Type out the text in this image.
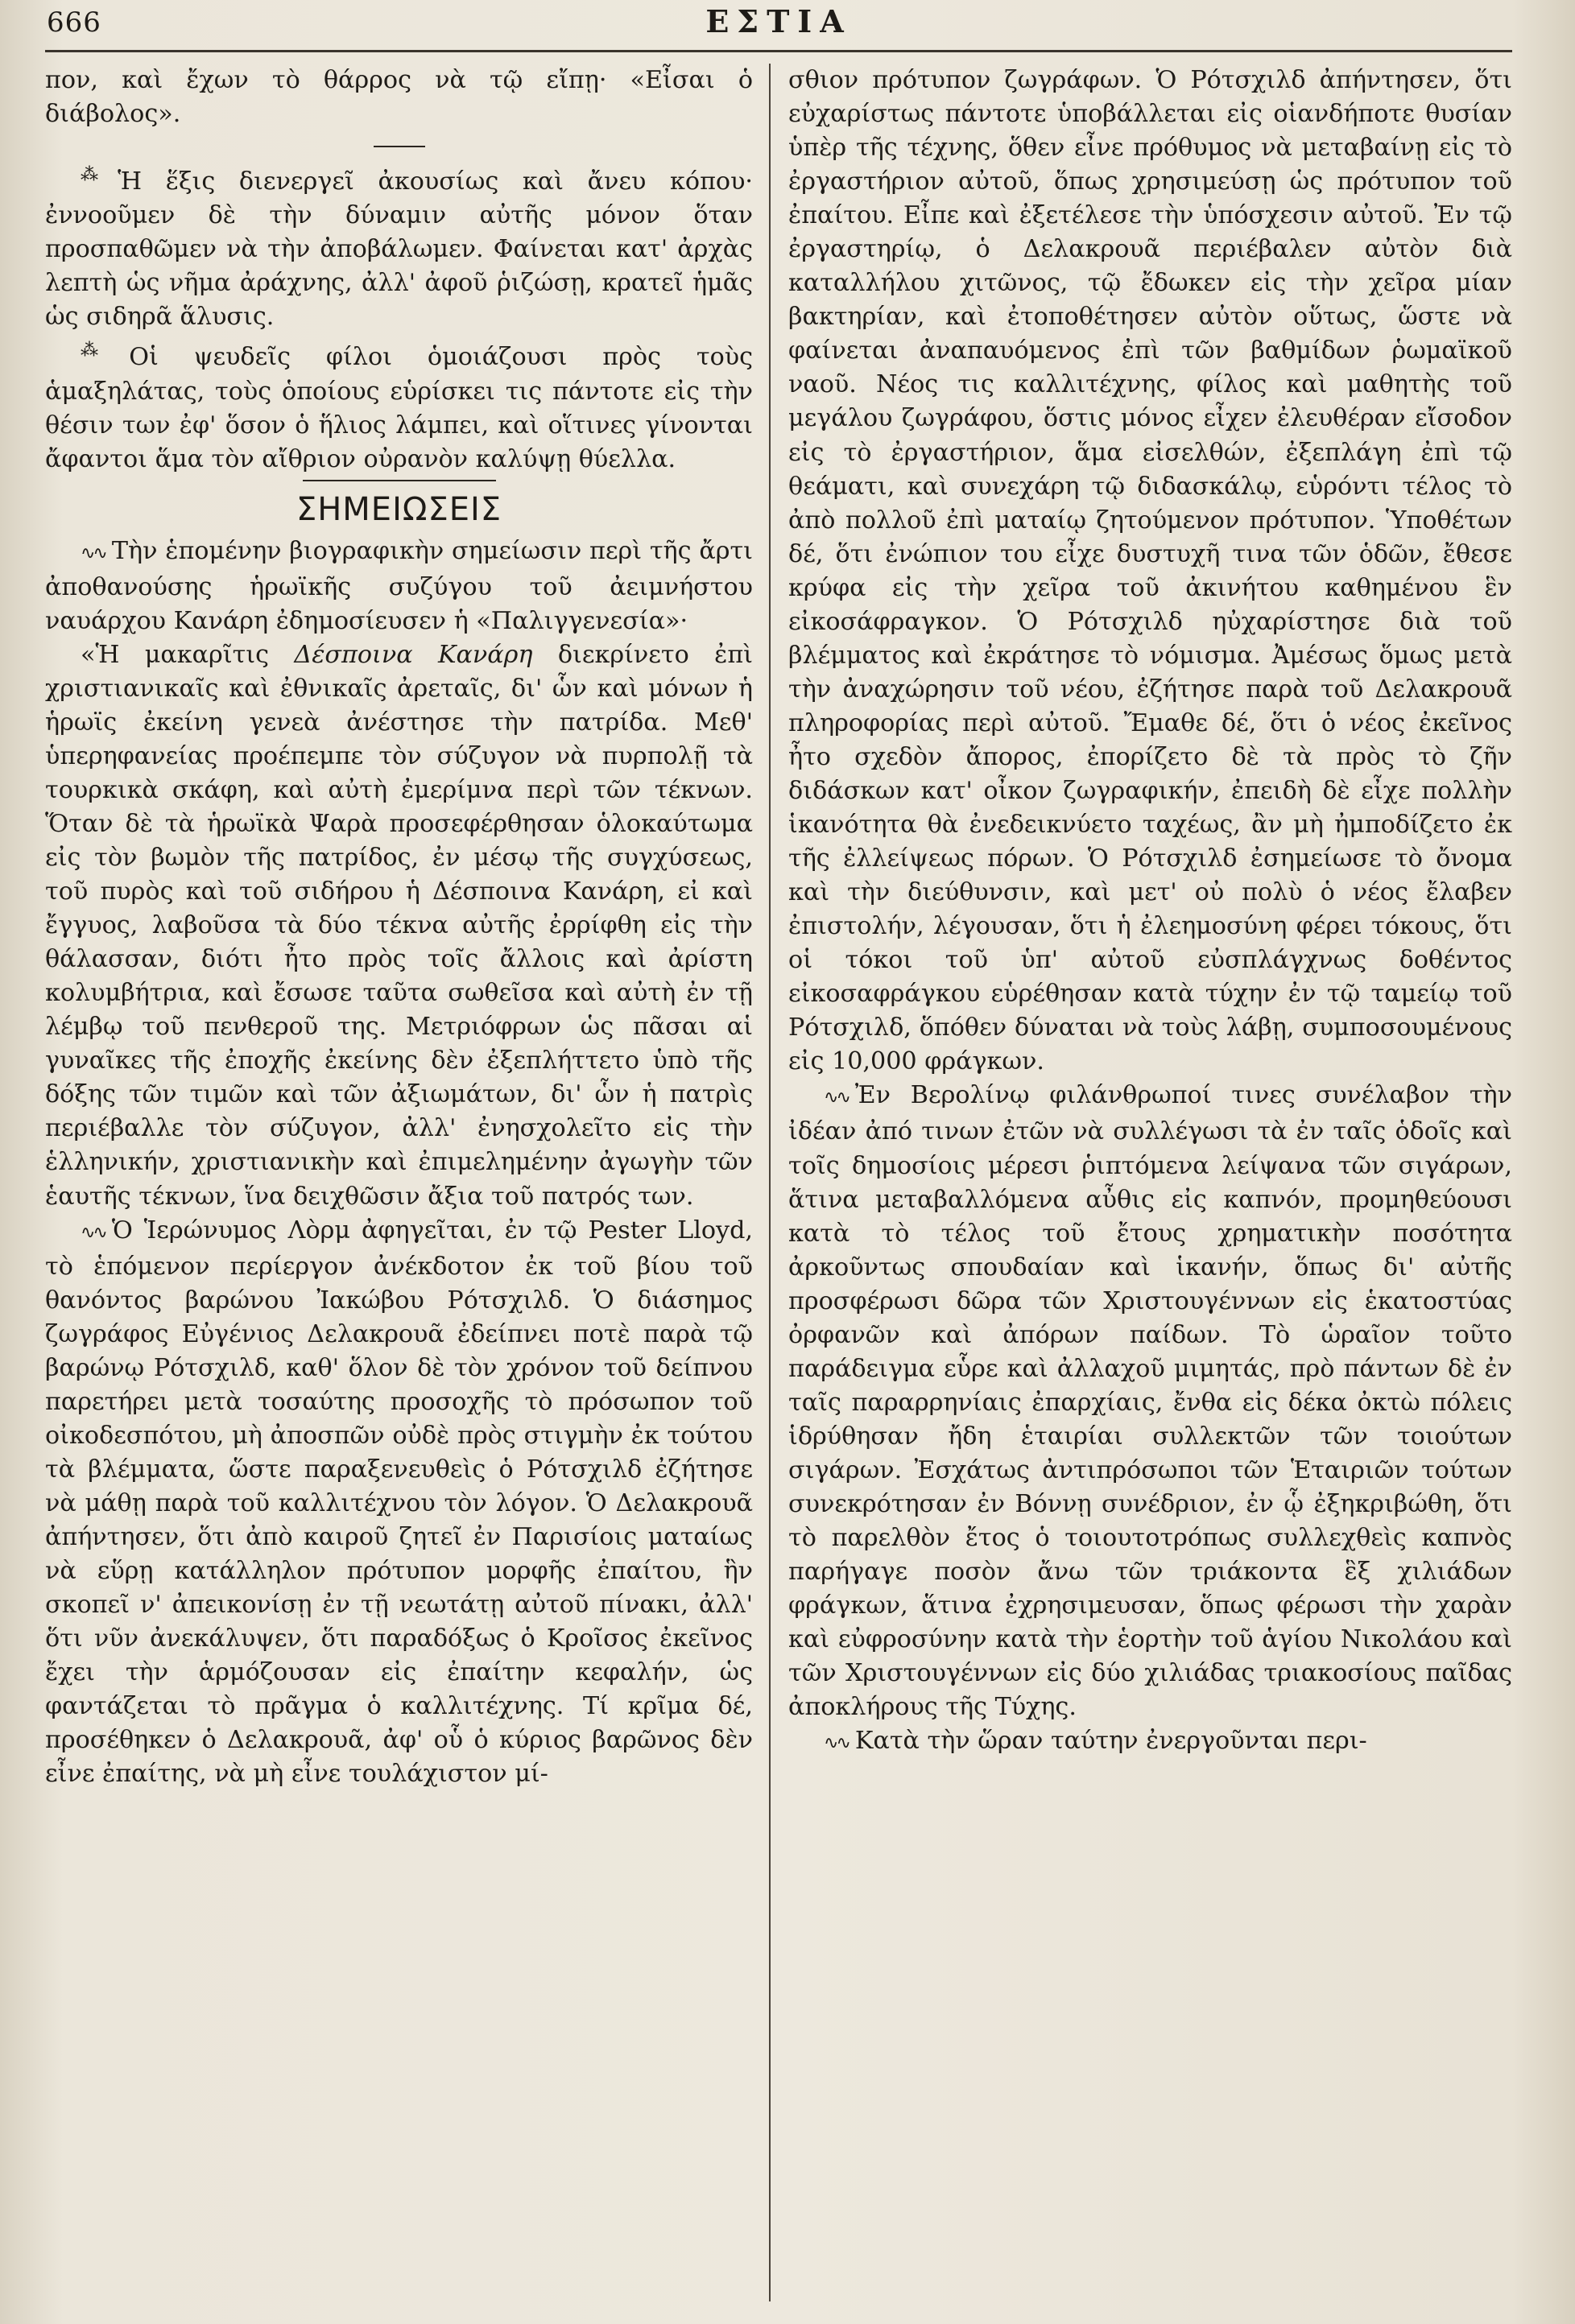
666	ΕΣΤΙΑ

πον, καὶ ἔχων τὸ θάρρος νὰ τῷ εἴπῃ· «Εἶσαι ὁ διάβολος».

⁂ Ἡ ἕξις διενεργεῖ ἀκουσίως καὶ ἄνευ κόπου· ἐννοοῦμεν δὲ τὴν δύναμιν αὐτῆς μόνον ὅταν προσπαθῶμεν νὰ τὴν ἀποβάλωμεν. Φαίνεται κατ' ἀρχὰς λεπτὴ ὡς νῆμα ἀράχνης, ἀλλ' ἀφοῦ ῥιζώσῃ, κρατεῖ ἡμᾶς ὡς σιδηρᾶ ἅλυσις.

⁂ Οἱ ψευδεῖς φίλοι ὁμοιάζουσι πρὸς τοὺς ἁμαξηλάτας, τοὺς ὁποίους εὑρίσκει τις πάντοτε εἰς τὴν θέσιν των ἐφ' ὅσον ὁ ἥλιος λάμπει, καὶ οἵτινες γίνονται ἄφαντοι ἅμα τὸν αἴθριον οὐρανὸν καλύψῃ θύελλα.

ΣΗΜΕΙΩΣΕΙΣ

∿∿ Τὴν ἑπομένην βιογραφικὴν σημείωσιν περὶ τῆς ἄρτι ἀποθανούσης ἡρωϊκῆς συζύγου τοῦ ἀειμνήστου ναυάρχου Κανάρη ἐδημοσίευσεν ἡ «Παλιγγενεσία»·

«Ἡ μακαρῖτις Δέσποινα Κανάρη διεκρίνετο ἐπὶ χριστιανικαῖς καὶ ἐθνικαῖς ἀρεταῖς, δι' ὧν καὶ μόνων ἡ ἡρωϊς ἐκείνη γενεὰ ἀνέστησε τὴν πατρίδα. Μεθ' ὑπερηφανείας προέπεμπε τὸν σύζυγον νὰ πυρπολῇ τὰ τουρκικὰ σκάφη, καὶ αὐτὴ ἐμερίμνα περὶ τῶν τέκνων. Ὅταν δὲ τὰ ἡρωϊκὰ Ψαρὰ προσεφέρθησαν ὁλοκαύτωμα εἰς τὸν βωμὸν τῆς πατρίδος, ἐν μέσῳ τῆς συγχύσεως, τοῦ πυρὸς καὶ τοῦ σιδήρου ἡ Δέσποινα Κανάρη, εἰ καὶ ἔγγυος, λαβοῦσα τὰ δύο τέκνα αὐτῆς ἐρρίφθη εἰς τὴν θάλασσαν, διότι ἦτο πρὸς τοῖς ἄλλοις καὶ ἀρίστη κολυμβήτρια, καὶ ἔσωσε ταῦτα σωθεῖσα καὶ αὐτὴ ἐν τῇ λέμβῳ τοῦ πενθεροῦ της. Μετριόφρων ὡς πᾶσαι αἱ γυναῖκες τῆς ἐποχῆς ἐκείνης δὲν ἐξεπλήττετο ὑπὸ τῆς δόξης τῶν τιμῶν καὶ τῶν ἀξιωμάτων, δι' ὧν ἡ πατρὶς περιέβαλλε τὸν σύζυγον, ἀλλ' ἐνησχολεῖτο εἰς τὴν ἑλληνικήν, χριστιανικὴν καὶ ἐπιμελημένην ἀγωγὴν τῶν ἑαυτῆς τέκνων, ἵνα δειχθῶσιν ἄξια τοῦ πατρός των.

∿∿ Ὁ Ἱερώνυμος Λὸρμ ἀφηγεῖται, ἐν τῷ Pester Lloyd, τὸ ἑπόμενον περίεργον ἀνέκδοτον ἐκ τοῦ βίου τοῦ θανόντος βαρώνου Ἰακώβου Ρότσχιλδ. Ὁ διάσημος ζωγράφος Εὐγένιος Δελακρουᾶ ἐδείπνει ποτὲ παρὰ τῷ βαρώνῳ Ρότσχιλδ, καθ' ὅλον δὲ τὸν χρόνον τοῦ δείπνου παρετήρει μετὰ τοσαύτης προσοχῆς τὸ πρόσωπον τοῦ οἰκοδεσπότου, μὴ ἀποσπῶν οὐδὲ πρὸς στιγμὴν ἐκ τούτου τὰ βλέμματα, ὥστε παραξενευθεὶς ὁ Ρότσχιλδ ἐζήτησε νὰ μάθῃ παρὰ τοῦ καλλιτέχνου τὸν λόγον. Ὁ Δελακρουᾶ ἀπήντησεν, ὅτι ἀπὸ καιροῦ ζητεῖ ἐν Παρισίοις ματαίως νὰ εὕρῃ κατάλληλον πρότυπον μορφῆς ἐπαίτου, ἣν σκοπεῖ ν' ἀπεικονίσῃ ἐν τῇ νεωτάτῃ αὐτοῦ πίνακι, ἀλλ' ὅτι νῦν ἀνεκάλυψεν, ὅτι παραδόξως ὁ Κροῖσος ἐκεῖνος ἔχει τὴν ἁρμόζουσαν εἰς ἐπαίτην κεφαλήν, ὡς φαντάζεται τὸ πρᾶγμα ὁ καλλιτέχνης. Τί κρῖμα δέ, προσέθηκεν ὁ Δελακρουᾶ, ἀφ' οὗ ὁ κύριος βαρῶνος δὲν εἶνε ἐπαίτης, νὰ μὴ εἶνε τουλάχιστον μί-

σθιον πρότυπον ζωγράφων. Ὁ Ρότσχιλδ ἀπήντησεν, ὅτι εὐχαρίστως πάντοτε ὑποβάλλεται εἰς οἱανδήποτε θυσίαν ὑπὲρ τῆς τέχνης, ὅθεν εἶνε πρόθυμος νὰ μεταβαίνῃ εἰς τὸ ἐργαστήριον αὐτοῦ, ὅπως χρησιμεύσῃ ὡς πρότυπον τοῦ ἐπαίτου. Εἶπε καὶ ἐξετέλεσε τὴν ὑπόσχεσιν αὐτοῦ. Ἐν τῷ ἐργαστηρίῳ, ὁ Δελακρουᾶ περιέβαλεν αὐτὸν διὰ καταλλήλου χιτῶνος, τῷ ἔδωκεν εἰς τὴν χεῖρα μίαν βακτηρίαν, καὶ ἐτοποθέτησεν αὐτὸν οὕτως, ὥστε νὰ φαίνεται ἀναπαυόμενος ἐπὶ τῶν βαθμίδων ῥωμαϊκοῦ ναοῦ. Νέος τις καλλιτέχνης, φίλος καὶ μαθητὴς τοῦ μεγάλου ζωγράφου, ὅστις μόνος εἶχεν ἐλευθέραν εἴσοδον εἰς τὸ ἐργαστήριον, ἅμα εἰσελθών, ἐξεπλάγη ἐπὶ τῷ θεάματι, καὶ συνεχάρη τῷ διδασκάλῳ, εὑρόντι τέλος τὸ ἀπὸ πολλοῦ ἐπὶ ματαίῳ ζητούμενον πρότυπον. Ὑποθέτων δέ, ὅτι ἐνώπιον του εἶχε δυστυχῆ τινα τῶν ὁδῶν, ἔθεσε κρύφα εἰς τὴν χεῖρα τοῦ ἀκινήτου καθημένου ἓν εἰκοσάφραγκον. Ὁ Ρότσχιλδ ηὐχαρίστησε διὰ τοῦ βλέμματος καὶ ἐκράτησε τὸ νόμισμα. Ἀμέσως ὅμως μετὰ τὴν ἀναχώρησιν τοῦ νέου, ἐζήτησε παρὰ τοῦ Δελακρουᾶ πληροφορίας περὶ αὐτοῦ. Ἔμαθε δέ, ὅτι ὁ νέος ἐκεῖνος ἦτο σχεδὸν ἄπορος, ἐπορίζετο δὲ τὰ πρὸς τὸ ζῆν διδάσκων κατ' οἶκον ζωγραφικήν, ἐπειδὴ δὲ εἶχε πολλὴν ἱκανότητα θὰ ἐνεδεικνύετο ταχέως, ἂν μὴ ἠμποδίζετο ἐκ τῆς ἐλλείψεως πόρων. Ὁ Ρότσχιλδ ἐσημείωσε τὸ ὄνομα καὶ τὴν διεύθυνσιν, καὶ μετ' οὐ πολὺ ὁ νέος ἔλαβεν ἐπιστολήν, λέγουσαν, ὅτι ἡ ἐλεημοσύνη φέρει τόκους, ὅτι οἱ τόκοι τοῦ ὑπ' αὐτοῦ εὐσπλάγχνως δοθέντος εἰκοσαφράγκου εὑρέθησαν κατὰ τύχην ἐν τῷ ταμείῳ τοῦ Ρότσχιλδ, ὅπόθεν δύναται νὰ τοὺς λάβῃ, συμποσουμένους εἰς 10,000 φράγκων.

∿∿ Ἐν Βερολίνῳ φιλάνθρωποί τινες συνέλαβον τὴν ἰδέαν ἀπό τινων ἐτῶν νὰ συλλέγωσι τὰ ἐν ταῖς ὁδοῖς καὶ τοῖς δημοσίοις μέρεσι ῥιπτόμενα λείψανα τῶν σιγάρων, ἅτινα μεταβαλλόμενα αὖθις εἰς καπνόν, προμηθεύουσι κατὰ τὸ τέλος τοῦ ἔτους χρηματικὴν ποσότητα ἀρκοῦντως σπουδαίαν καὶ ἱκανήν, ὅπως δι' αὐτῆς προσφέρωσι δῶρα τῶν Χριστουγέννων εἰς ἑκατοστύας ὀρφανῶν καὶ ἀπόρων παίδων. Τὸ ὡραῖον τοῦτο παράδειγμα εὗρε καὶ ἀλλαχοῦ μιμητάς, πρὸ πάντων δὲ ἐν ταῖς παραρρηνίαις ἐπαρχίαις, ἔνθα εἰς δέκα ὀκτὼ πόλεις ἱδρύθησαν ἤδη ἑταιρίαι συλλεκτῶν τῶν τοιούτων σιγάρων. Ἐσχάτως ἀντιπρόσωποι τῶν Ἑταιριῶν τούτων συνεκρότησαν ἐν Βόννῃ συνέδριον, ἐν ᾧ ἐξηκριβώθη, ὅτι τὸ παρελθὸν ἔτος ὁ τοιουτοτρόπως συλλεχθεὶς καπνὸς παρήγαγε ποσὸν ἄνω τῶν τριάκοντα ἓξ χιλιάδων φράγκων, ἅτινα ἐχρησιμευσαν, ὅπως φέρωσι τὴν χαρὰν καὶ εὐφροσύνην κατὰ τὴν ἑορτὴν τοῦ ἁγίου Νικολάου καὶ τῶν Χριστουγέννων εἰς δύο χιλιάδας τριακοσίους παῖδας ἀποκλήρους τῆς Τύχης.

∿∿ Κατὰ τὴν ὥραν ταύτην ἐνεργοῦνται περι-
